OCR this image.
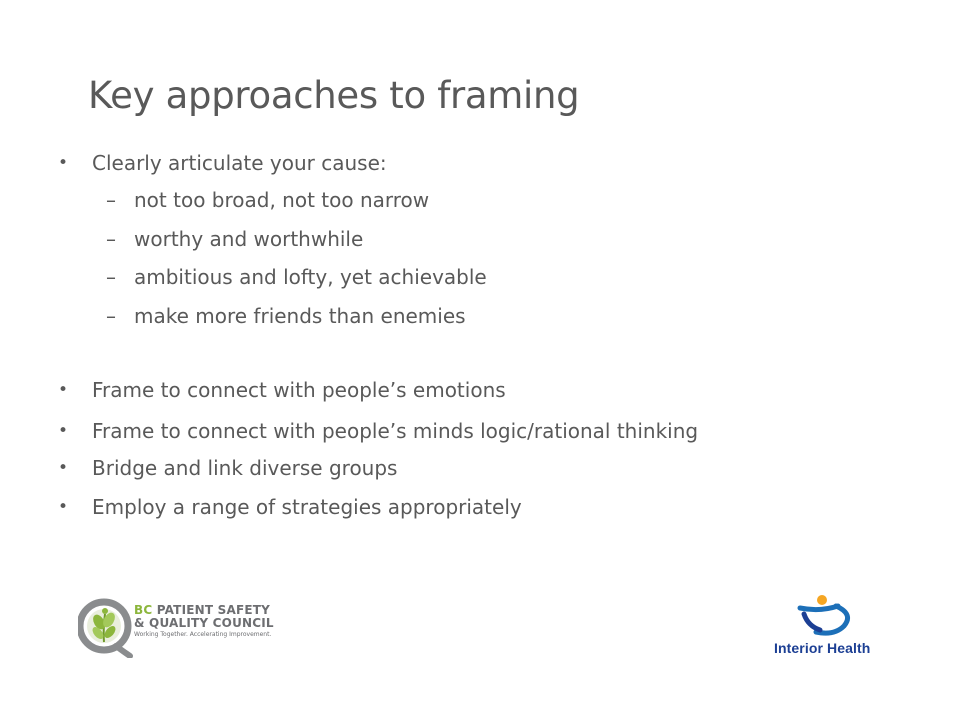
Key approaches to framing
• Clearly articulate your cause:
– not too broad, not too narrow
– worthy and worthwhile
– ambitious and lofty, yet achievable
– make more friends than enemies
• Frame to connect with people’s emotions
• Frame to connect with people’s minds logic/rational thinking
• Bridge and link diverse groups
• Employ a range of strategies appropriately
BC PATIENT SAFETY
& QUALITY COUNCIL
Working Together. Accelerating Improvement.
Interior Health
